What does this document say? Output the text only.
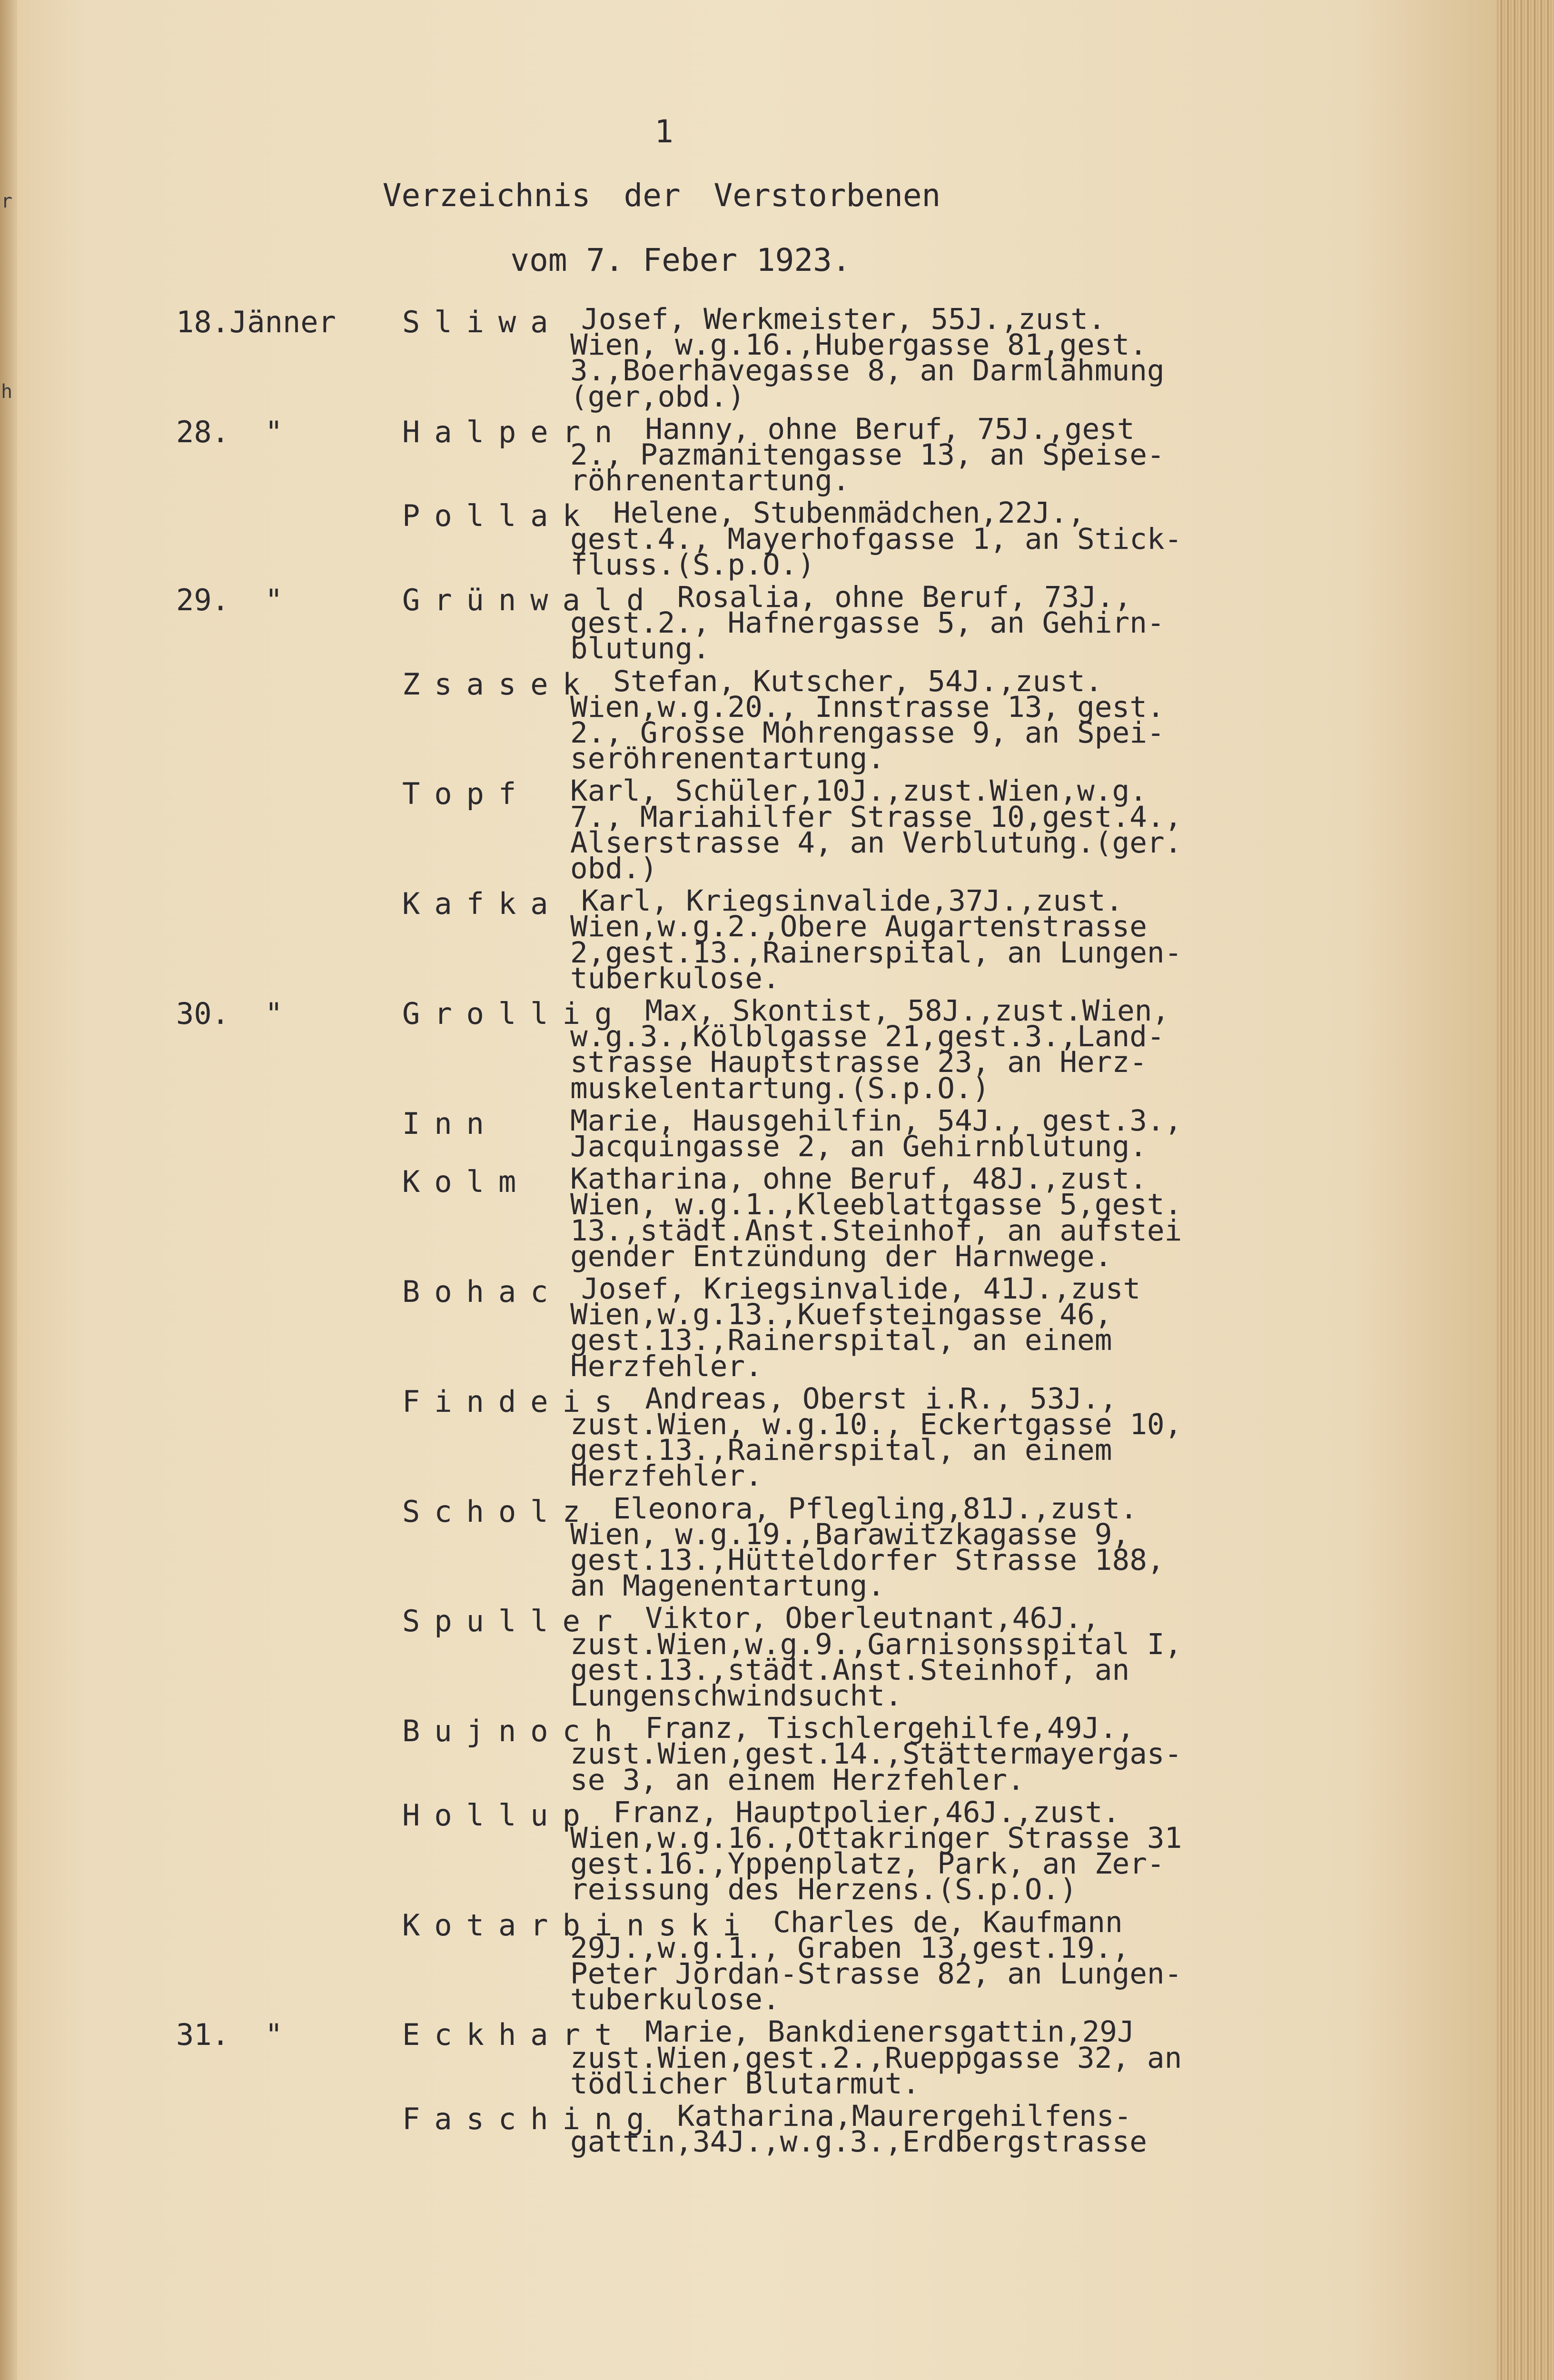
r
h
1
Verzeichnis der Verstorbenen
vom 7. Feber 1923.
18.Jänner Sliwa Josef, Werkmeister, 55J.,zust.
Wien, w.g.16.,Hubergasse 81,gest.
3.,Boerhavegasse 8, an Darmlähmung
(ger,obd.)
28.  "	Halpern Hanny, ohne Beruf, 75J.,gest
2., Pazmanitengasse 13, an Speise-
röhrenentartung.
Pollak Helene, Stubenmädchen,22J.,
gest.4., Mayerhofgasse 1, an Stick-
fluss.(S.p.O.)
29.  "	Grünwald Rosalia, ohne Beruf, 73J.,
gest.2., Hafnergasse 5, an Gehirn-
blutung.
Zsasek Stefan, Kutscher, 54J.,zust.
Wien,w.g.20., Innstrasse 13, gest.
2., Grosse Mohrengasse 9, an Spei-
seröhrenentartung.
Topf Karl, Schüler,10J.,zust.Wien,w.g.
7., Mariahilfer Strasse 10,gest.4.,
Alserstrasse 4, an Verblutung.(ger.
obd.)
Kafka Karl, Kriegsinvalide,37J.,zust.
Wien,w.g.2.,Obere Augartenstrasse
2,gest.13.,Rainerspital, an Lungen-
tuberkulose.
30.  "	Grollig Max, Skontist, 58J.,zust.Wien,
w.g.3.,Kölblgasse 21,gest.3.,Land-
strasse Hauptstrasse 23, an Herz-
muskelentartung.(S.p.O.)
Inn Marie, Hausgehilfin, 54J., gest.3.,
Jacquingasse 2, an Gehirnblutung.
Kolm Katharina, ohne Beruf, 48J.,zust.
Wien, w.g.1.,Kleeblattgasse 5,gest.
13.,städt.Anst.Steinhof, an aufstei
gender Entzündung der Harnwege.
Bohac Josef, Kriegsinvalide, 41J.,zust
Wien,w.g.13.,Kuefsteingasse 46,
gest.13.,Rainerspital, an einem
Herzfehler.
Findeis Andreas, Oberst i.R., 53J.,
zust.Wien, w.g.10., Eckertgasse 10,
gest.13.,Rainerspital, an einem
Herzfehler.
Scholz Eleonora, Pflegling,81J.,zust.
Wien, w.g.19.,Barawitzkagasse 9,
gest.13.,Hütteldorfer Strasse 188,
an Magenentartung.
Spuller Viktor, Oberleutnant,46J.,
zust.Wien,w.g.9.,Garnisonsspital I,
gest.13.,städt.Anst.Steinhof, an
Lungenschwindsucht.
Bujnoch Franz, Tischlergehilfe,49J.,
zust.Wien,gest.14.,Stättermayergas-
se 3, an einem Herzfehler.
Hollup Franz, Hauptpolier,46J.,zust.
Wien,w.g.16.,Ottakringer Strasse 31
gest.16.,Yppenplatz, Park, an Zer-
reissung des Herzens.(S.p.O.)
Kotarbinski Charles de, Kaufmann
29J.,w.g.1., Graben 13,gest.19.,
Peter Jordan-Strasse 82, an Lungen-
tuberkulose.
31.  "	Eckhart Marie, Bankdienersgattin,29J
zust.Wien,gest.2.,Rueppgasse 32, an
tödlicher Blutarmut.
Fasching Katharina,Maurergehilfens-
gattin,34J.,w.g.3.,Erdbergstrasse
